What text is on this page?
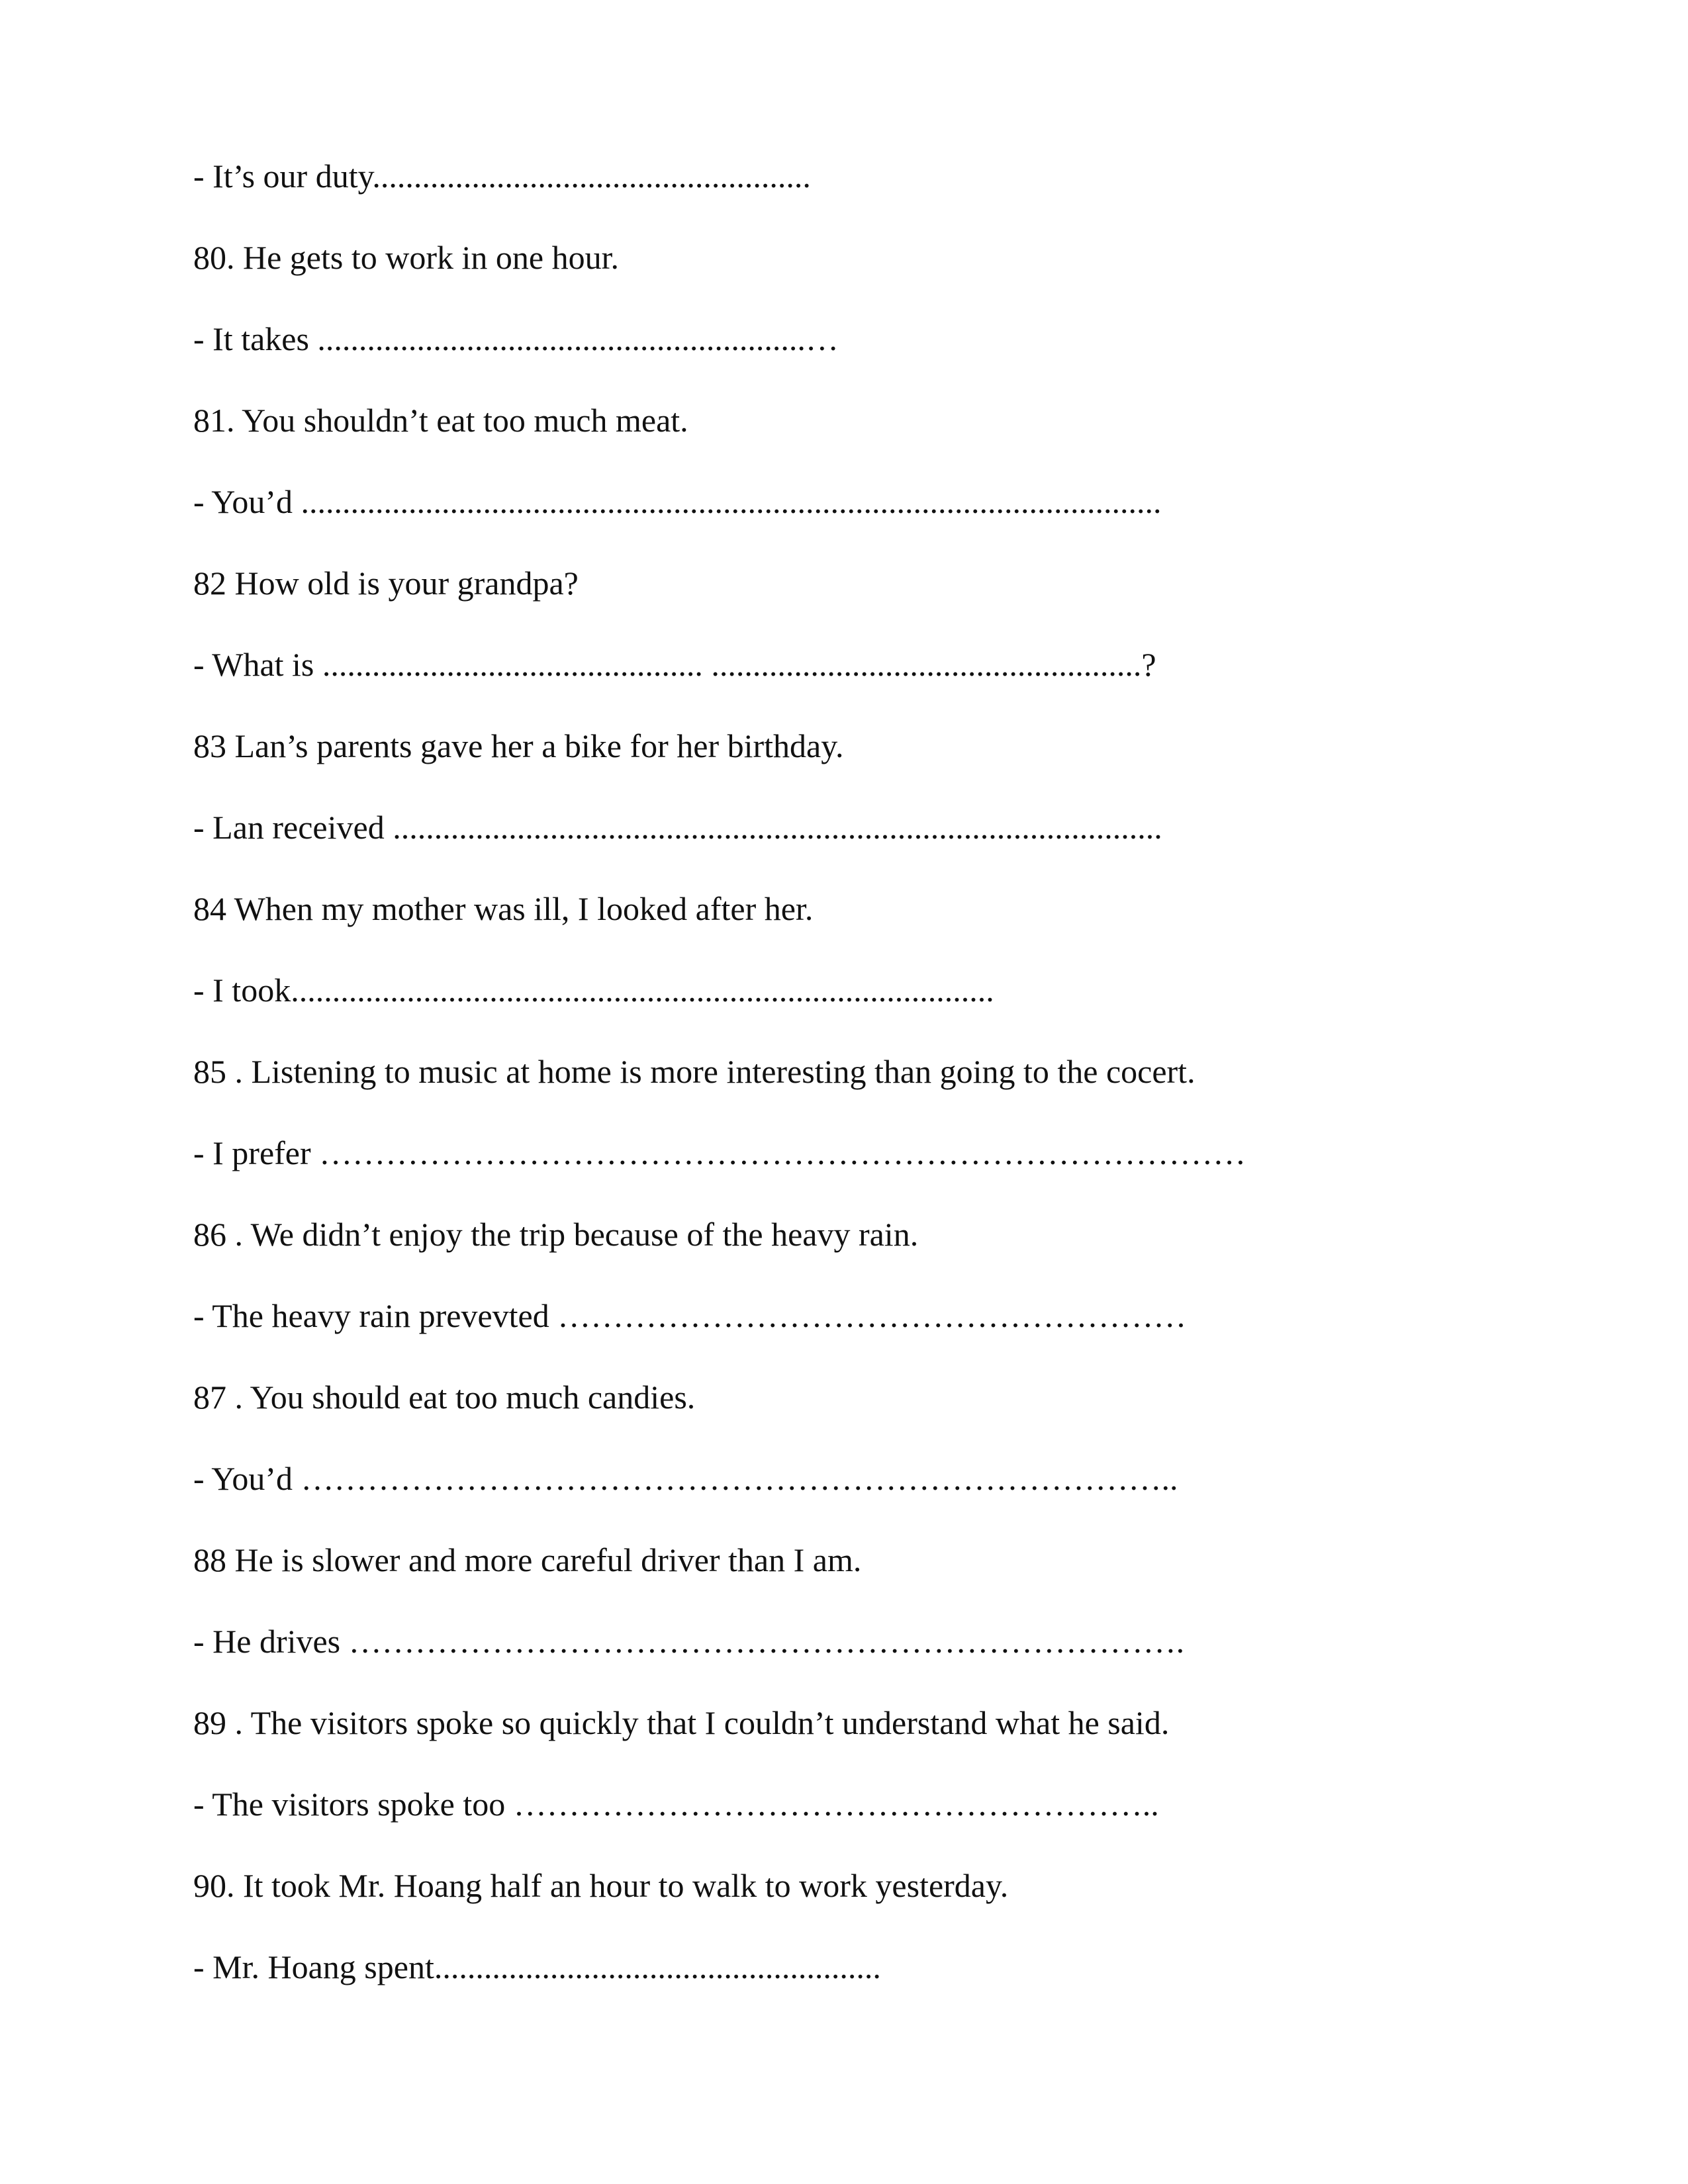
- It’s our duty.....................................................
80. He gets to work in one hour.
- It takes ...........................................................…
81. You shouldn’t eat too much meat.
- You’d ........................................................................................................
82 How old is your grandpa?
- What is .............................................. ....................................................?
83 Lan’s parents gave her a bike for her birthday.
- Lan received .............................................................................................
84 When my mother was ill, I looked after her.
- I took.....................................................................................
85 . Listening to music at home is more interesting than going to the cocert.
- I prefer …………………………………………………………………………
86 . We didn’t enjoy the trip because of the heavy rain.
- The heavy rain prevevted …………………………………………………
87 . You should eat too much candies.
- You’d ……………………………………………………………………..
88 He is slower and more careful driver than I am.
- He drives ………………………………………………………………….
89 . The visitors spoke so quickly that I couldn’t understand what he said.
- The visitors spoke too …………………………………………………..
90. It took Mr. Hoang half an hour to walk to work yesterday.
- Mr. Hoang spent......................................................
